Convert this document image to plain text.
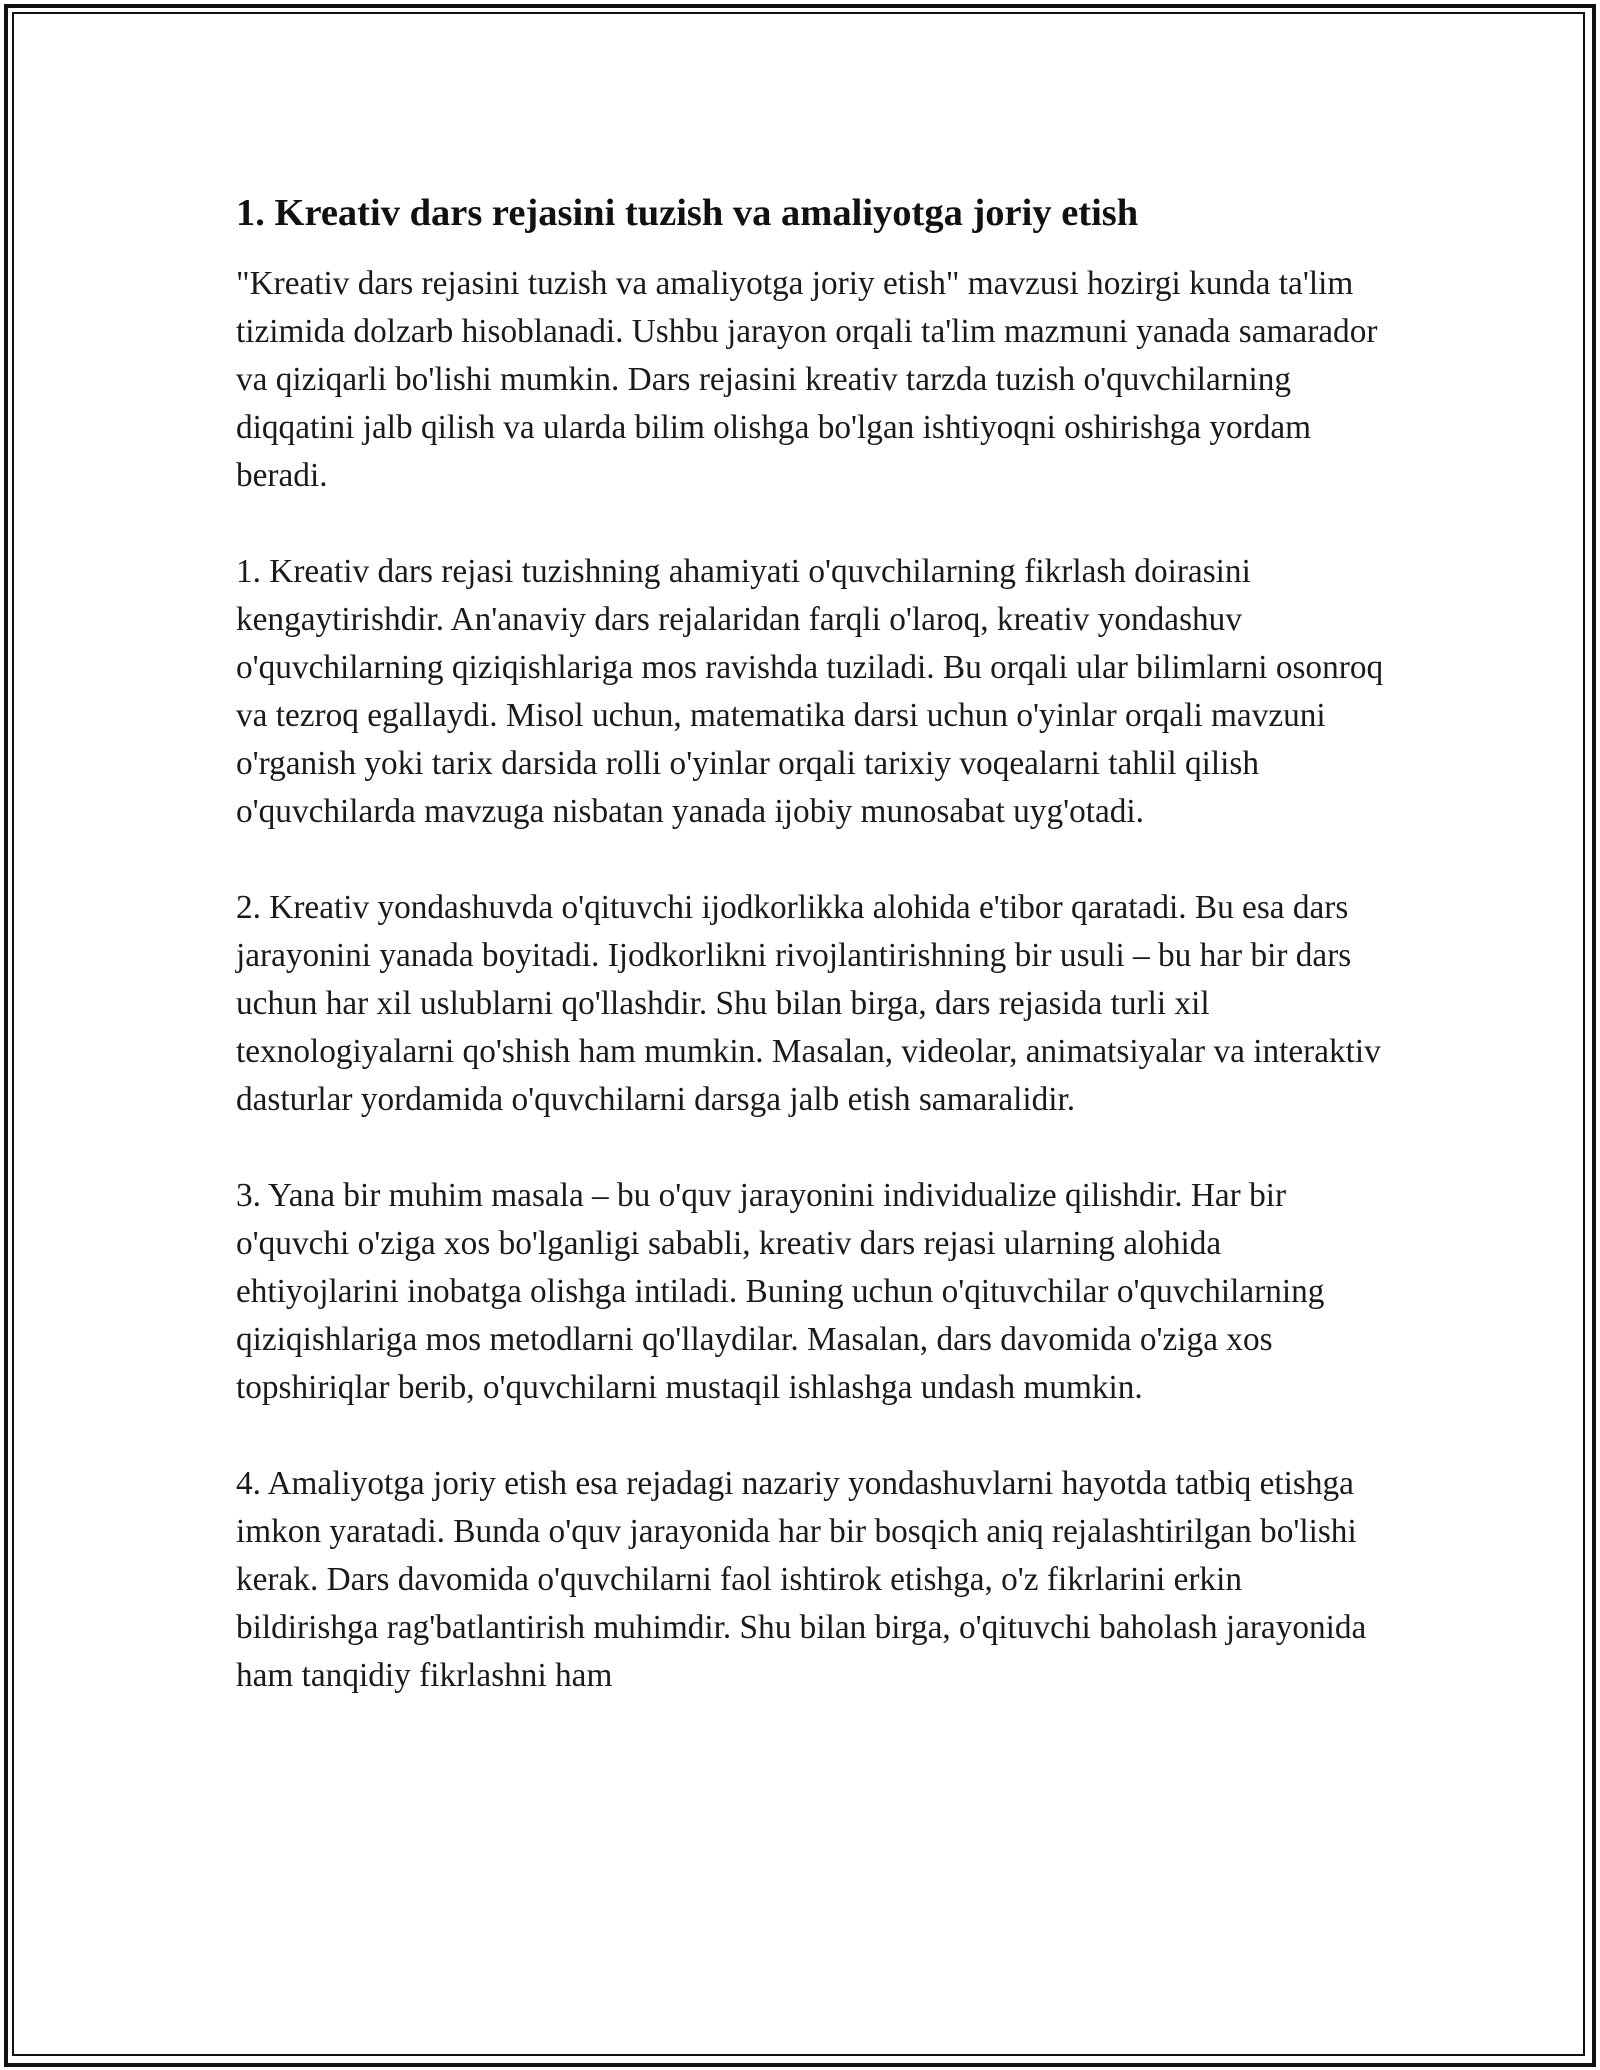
1. Kreativ dars rejasini tuzish va amaliyotga joriy etish

"Kreativ dars rejasini tuzish va amaliyotga joriy etish" mavzusi hozirgi kunda ta'lim tizimida dolzarb hisoblanadi. Ushbu jarayon orqali ta'lim mazmuni yanada samarador va qiziqarli bo'lishi mumkin. Dars rejasini kreativ tarzda tuzish o'quvchilarning diqqatini jalb qilish va ularda bilim olishga bo'lgan ishtiyoqni oshirishga yordam beradi.

1. Kreativ dars rejasi tuzishning ahamiyati o'quvchilarning fikrlash doirasini kengaytirishdir. An'anaviy dars rejalaridan farqli o'laroq, kreativ yondashuv o'quvchilarning qiziqishlariga mos ravishda tuziladi. Bu orqali ular bilimlarni osonroq va tezroq egallaydi. Misol uchun, matematika darsi uchun o'yinlar orqali mavzuni o'rganish yoki tarix darsida rolli o'yinlar orqali tarixiy voqealarni tahlil qilish o'quvchilarda mavzuga nisbatan yanada ijobiy munosabat uyg'otadi.

2. Kreativ yondashuvda o'qituvchi ijodkorlikka alohida e'tibor qaratadi. Bu esa dars jarayonini yanada boyitadi. Ijodkorlikni rivojlantirishning bir usuli – bu har bir dars uchun har xil uslublarni qo'llashdir. Shu bilan birga, dars rejasida turli xil texnologiyalarni qo'shish ham mumkin. Masalan, videolar, animatsiyalar va interaktiv dasturlar yordamida o'quvchilarni darsga jalb etish samaralidir.

3. Yana bir muhim masala – bu o'quv jarayonini individualize qilishdir. Har bir o'quvchi o'ziga xos bo'lganligi sababli, kreativ dars rejasi ularning alohida ehtiyojlarini inobatga olishga intiladi. Buning uchun o'qituvchilar o'quvchilarning qiziqishlariga mos metodlarni qo'llaydilar. Masalan, dars davomida o'ziga xos topshiriqlar berib, o'quvchilarni mustaqil ishlashga undash mumkin.

4. Amaliyotga joriy etish esa rejadagi nazariy yondashuvlarni hayotda tatbiq etishga imkon yaratadi. Bunda o'quv jarayonida har bir bosqich aniq rejalashtirilgan bo'lishi kerak. Dars davomida o'quvchilarni faol ishtirok etishga, o'z fikrlarini erkin bildirishga rag'batlantirish muhimdir. Shu bilan birga, o'qituvchi baholash jarayonida ham tanqidiy fikrlashni ham
